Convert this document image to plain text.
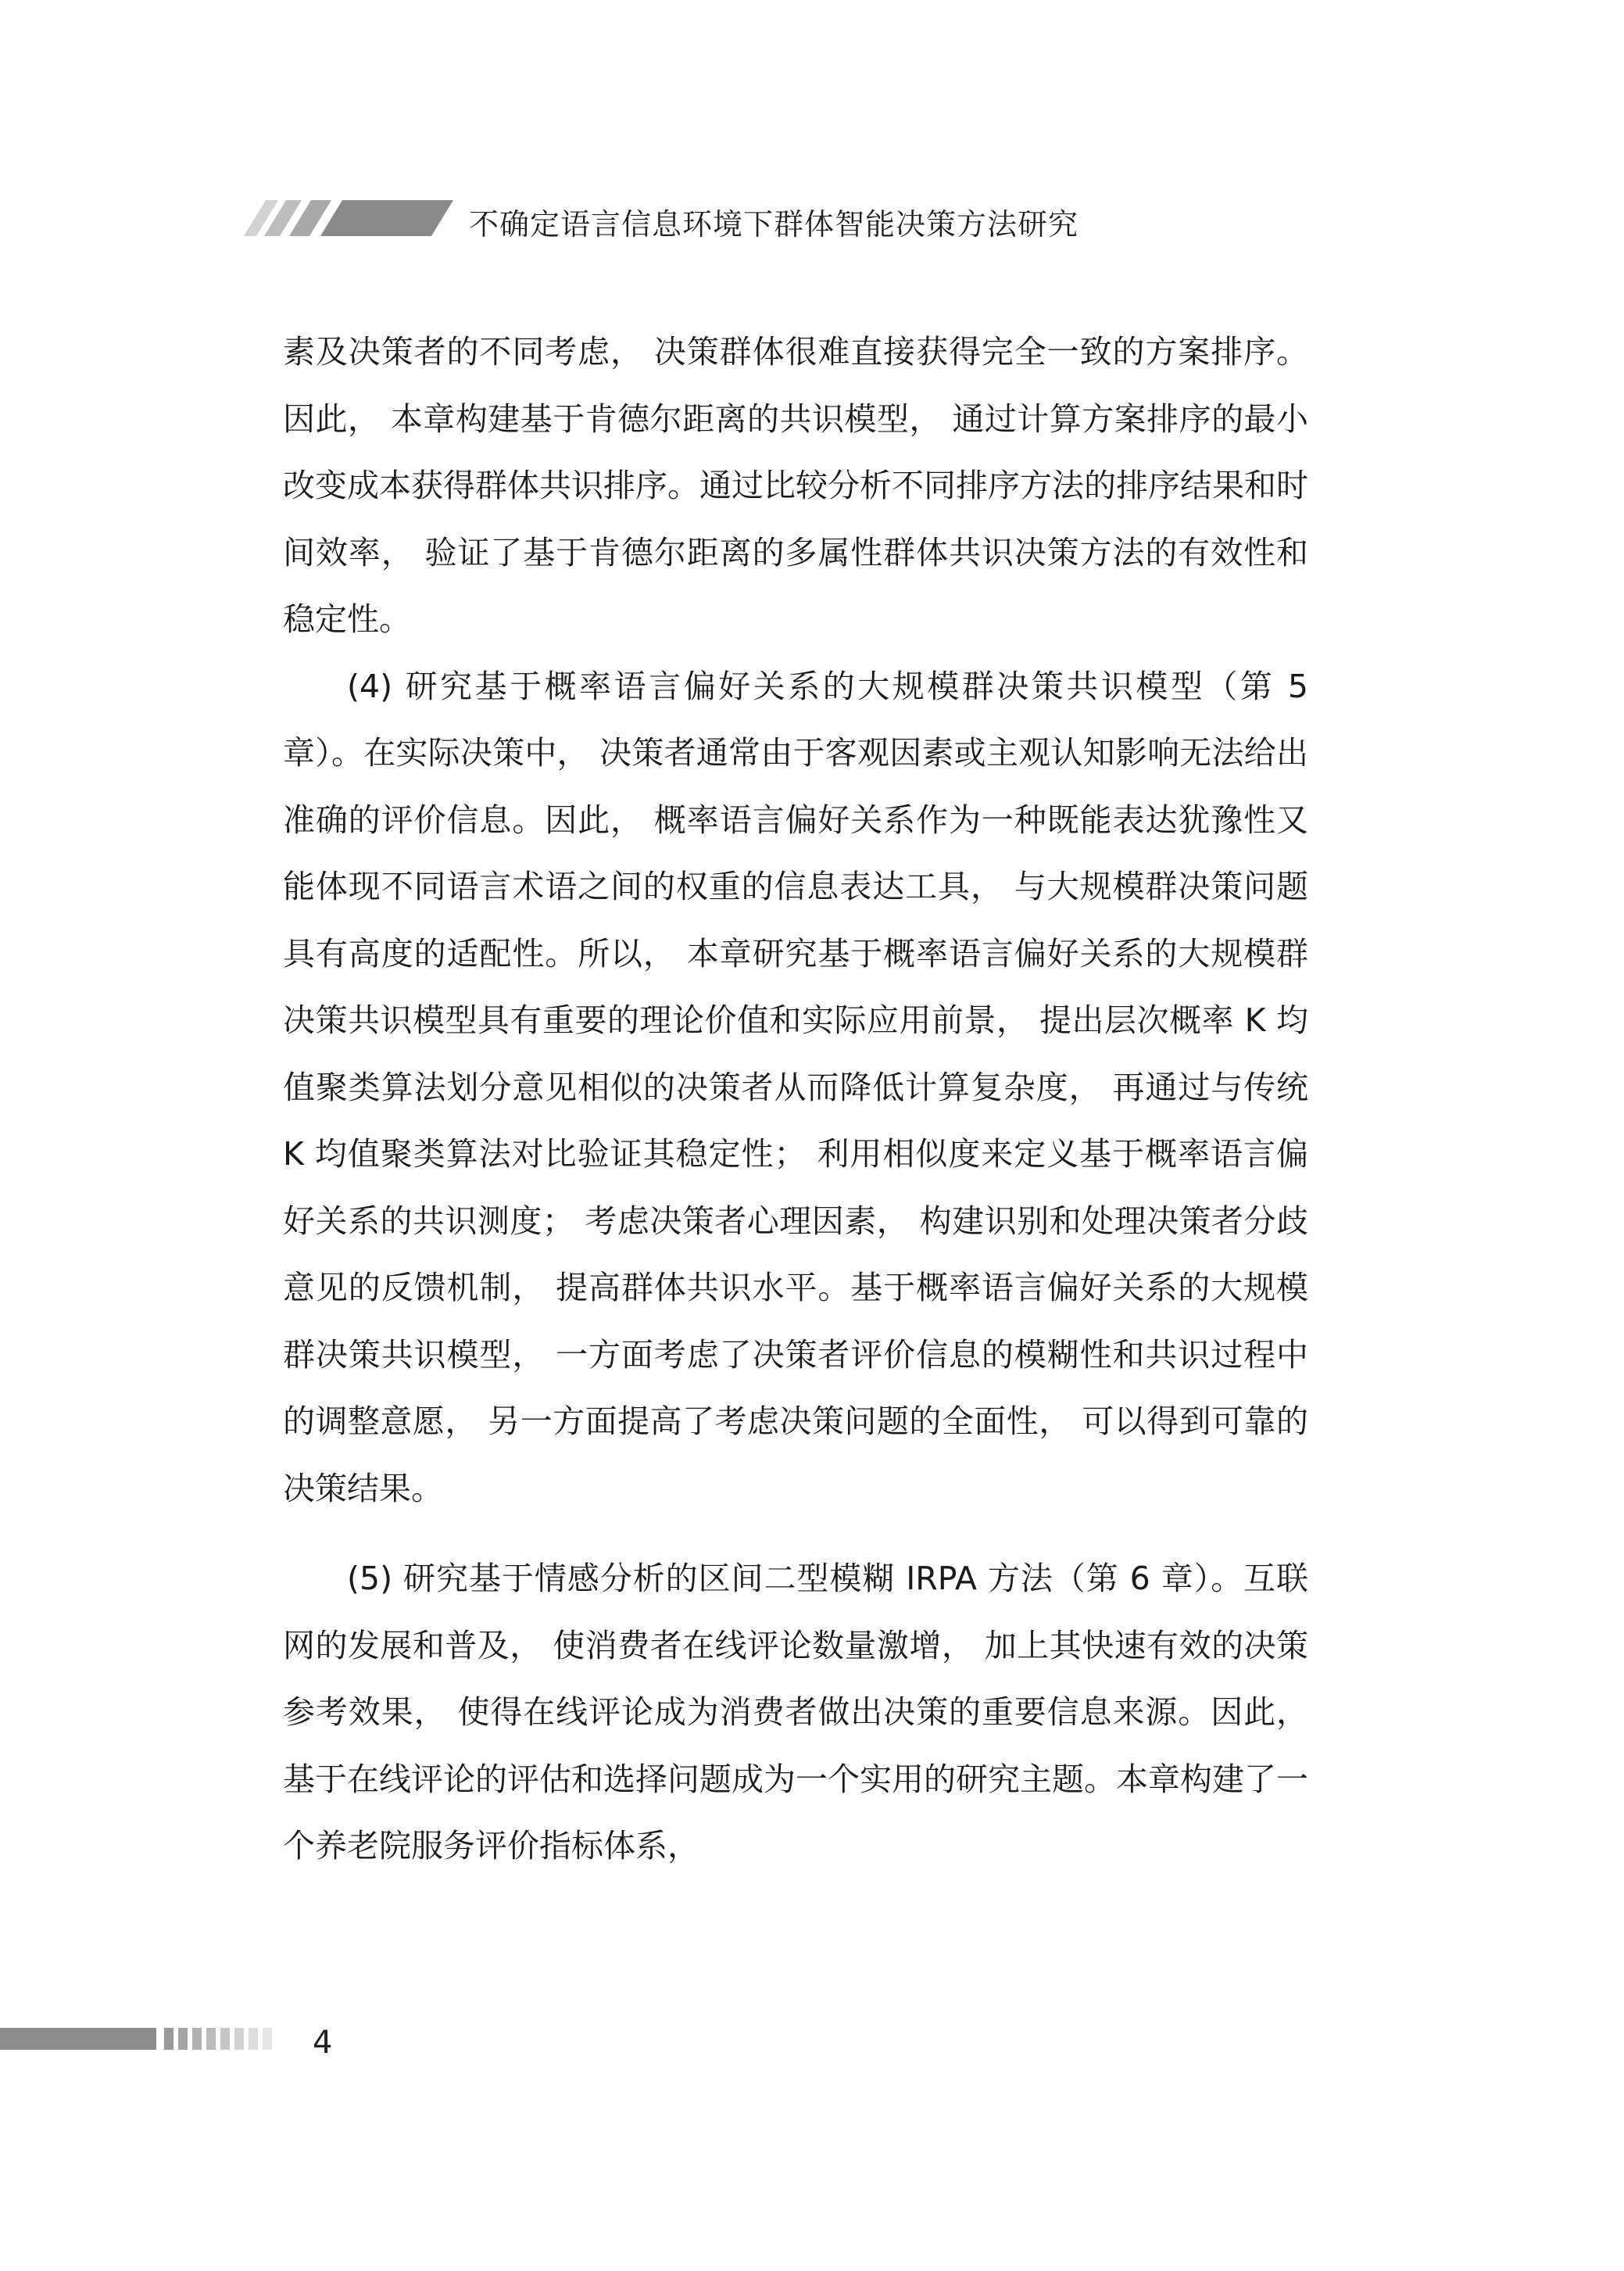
不确定语言信息环境下群体智能决策方法研究

素及决策者的不同考虑， 决策群体很难直接获得完全一致的方案排序。因此， 本章构建基于肯德尔距离的共识模型， 通过计算方案排序的最小改变成本获得群体共识排序。通过比较分析不同排序方法的排序结果和时间效率， 验证了基于肯德尔距离的多属性群体共识决策方法的有效性和稳定性。

(4) 研究基于概率语言偏好关系的大规模群决策共识模型（第 5 章）。在实际决策中， 决策者通常由于客观因素或主观认知影响无法给出准确的评价信息。因此， 概率语言偏好关系作为一种既能表达犹豫性又能体现不同语言术语之间的权重的信息表达工具， 与大规模群决策问题具有高度的适配性。所以， 本章研究基于概率语言偏好关系的大规模群决策共识模型具有重要的理论价值和实际应用前景， 提出层次概率 K 均值聚类算法划分意见相似的决策者从而降低计算复杂度， 再通过与传统 K 均值聚类算法对比验证其稳定性； 利用相似度来定义基于概率语言偏好关系的共识测度； 考虑决策者心理因素， 构建识别和处理决策者分歧意见的反馈机制， 提高群体共识水平。基于概率语言偏好关系的大规模群决策共识模型， 一方面考虑了决策者评价信息的模糊性和共识过程中的调整意愿， 另一方面提高了考虑决策问题的全面性， 可以得到可靠的决策结果。

(5) 研究基于情感分析的区间二型模糊 IRPA 方法（第 6 章）。互联网的发展和普及， 使消费者在线评论数量激增， 加上其快速有效的决策参考效果， 使得在线评论成为消费者做出决策的重要信息来源。因此， 基于在线评论的评估和选择问题成为一个实用的研究主题。本章构建了一个养老院服务评价指标体系，

4
